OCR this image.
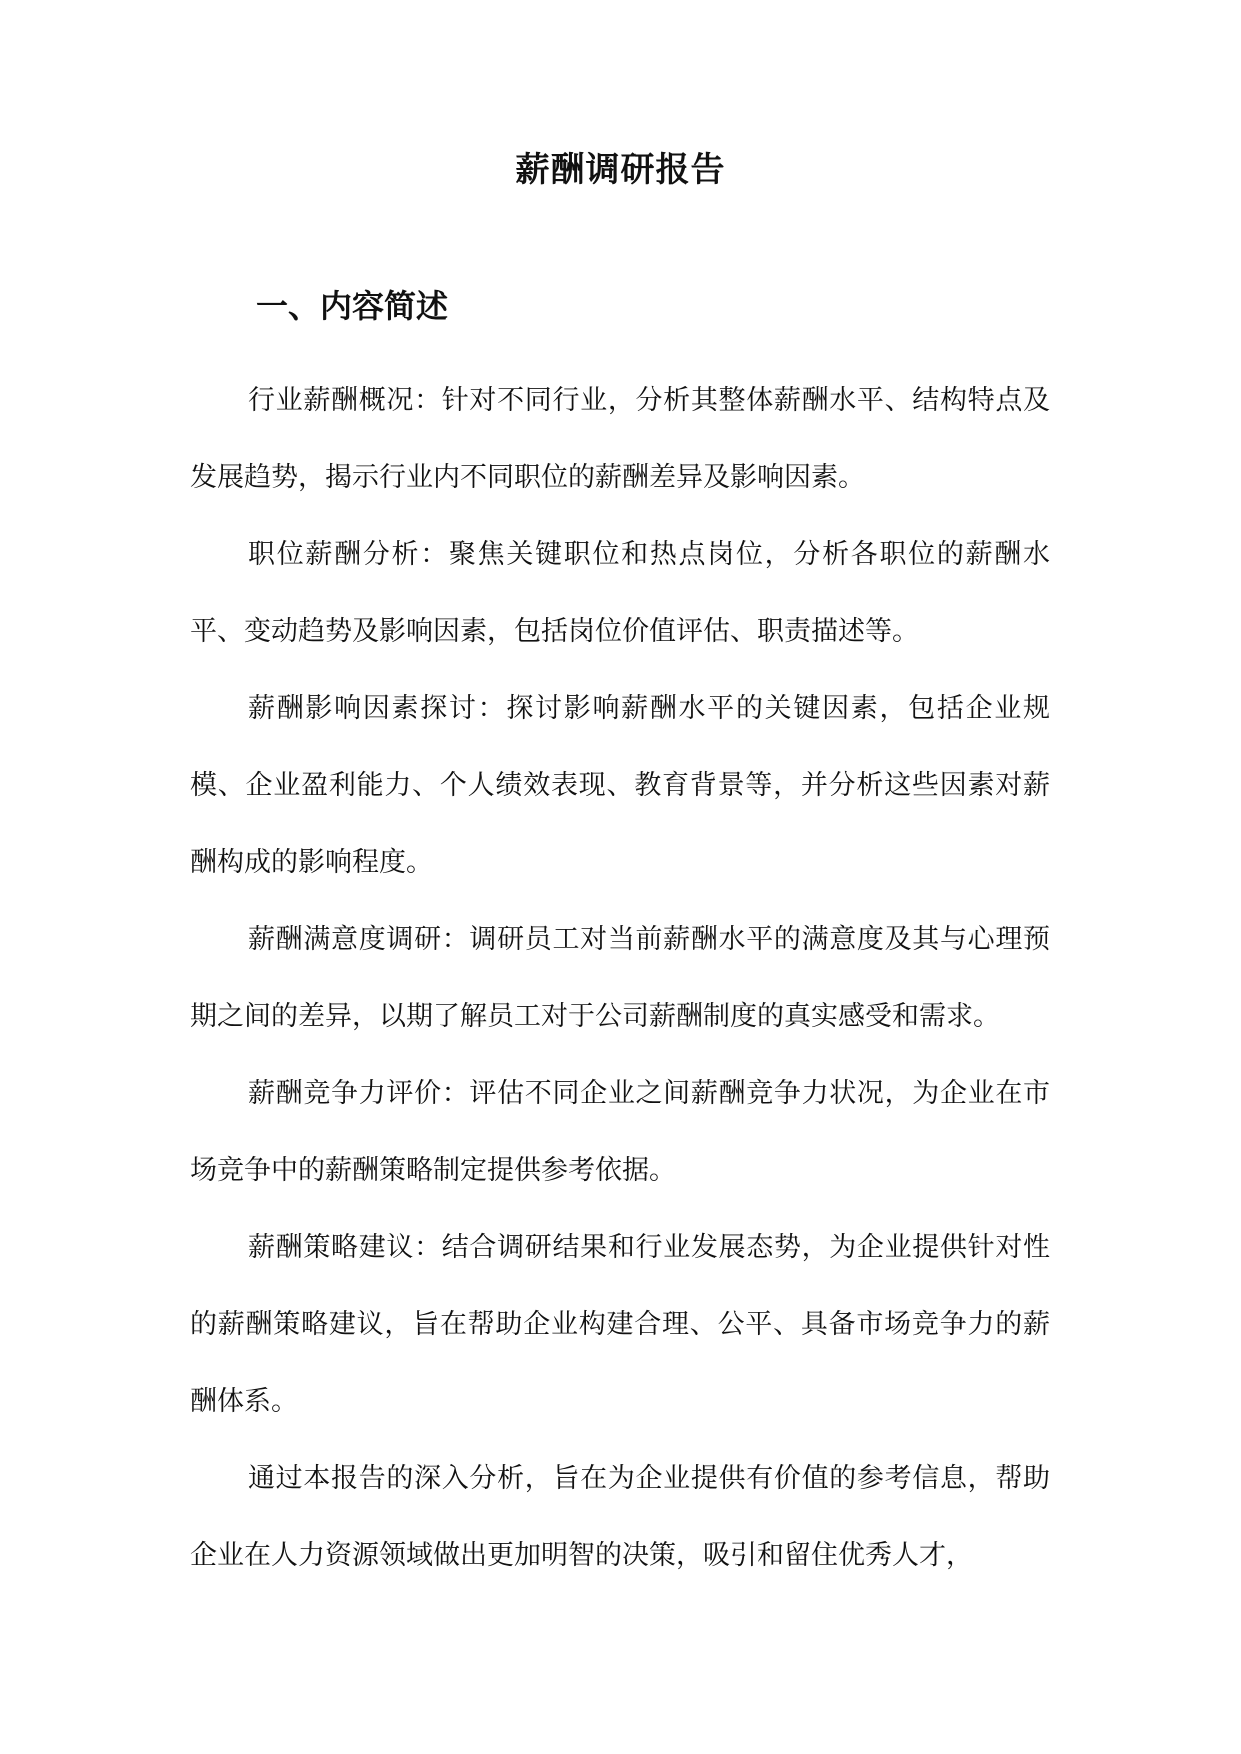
薪酬调研报告
一、内容简述

行业薪酬概况：针对不同行业，分析其整体薪酬水平、结构特点及发展趋势，揭示行业内不同职位的薪酬差异及影响因素。

职位薪酬分析：聚焦关键职位和热点岗位，分析各职位的薪酬水平、变动趋势及影响因素，包括岗位价值评估、职责描述等。

薪酬影响因素探讨：探讨影响薪酬水平的关键因素，包括企业规模、企业盈利能力、个人绩效表现、教育背景等，并分析这些因素对薪酬构成的影响程度。

薪酬满意度调研：调研员工对当前薪酬水平的满意度及其与心理预期之间的差异，以期了解员工对于公司薪酬制度的真实感受和需求。

薪酬竞争力评价：评估不同企业之间薪酬竞争力状况，为企业在市场竞争中的薪酬策略制定提供参考依据。

薪酬策略建议：结合调研结果和行业发展态势，为企业提供针对性的薪酬策略建议，旨在帮助企业构建合理、公平、具备市场竞争力的薪酬体系。

通过本报告的深入分析，旨在为企业提供有价值的参考信息，帮助企业在人力资源领域做出更加明智的决策，吸引和留住优秀人才，
